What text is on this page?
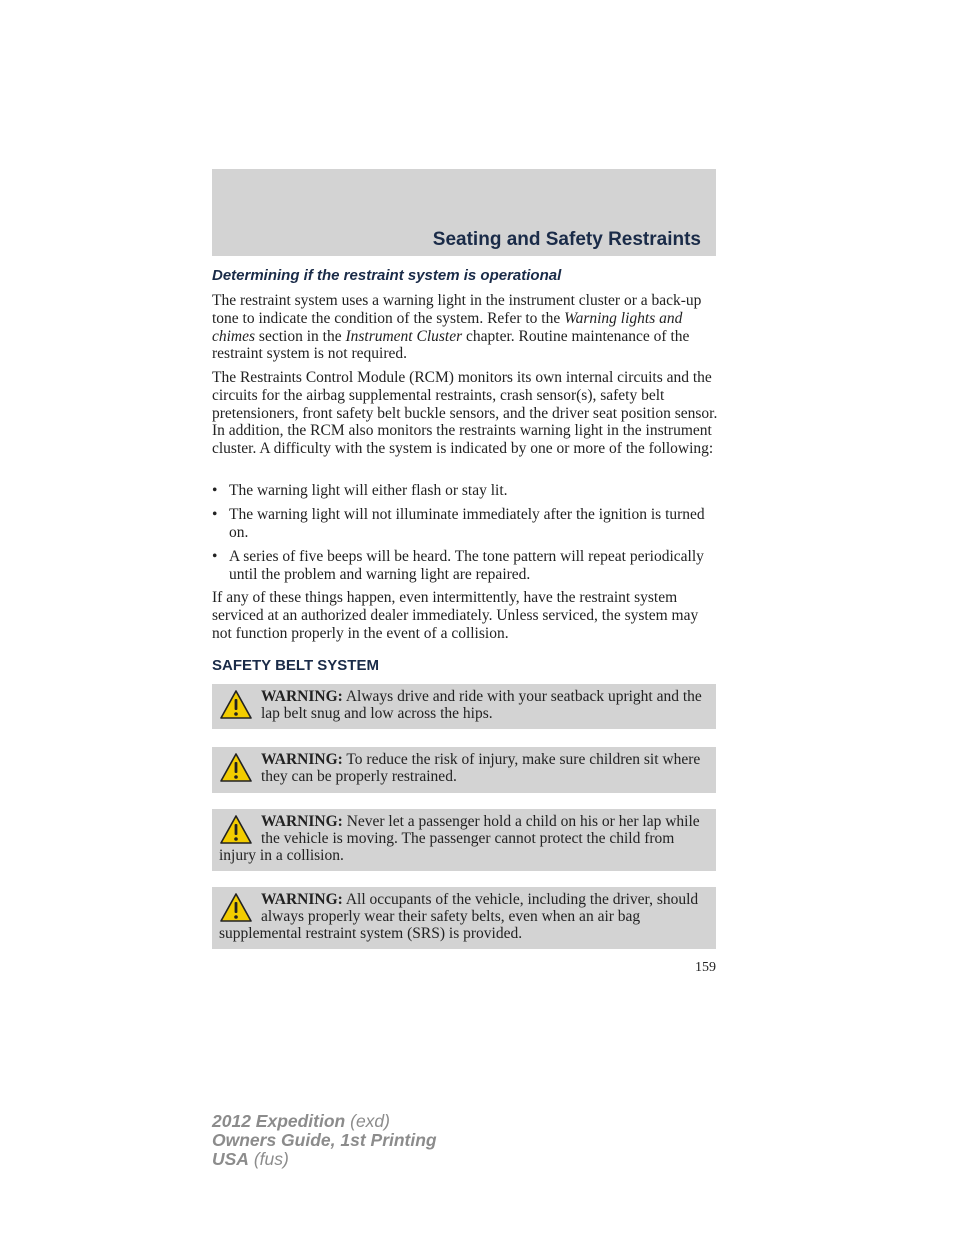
Seating and Safety Restraints
Determining if the restraint system is operational
The restraint system uses a warning light in the instrument cluster or a back-up tone to indicate the condition of the system. Refer to the Warning lights and chimes section in the Instrument Cluster chapter. Routine maintenance of the restraint system is not required.
The Restraints Control Module (RCM) monitors its own internal circuits and the circuits for the airbag supplemental restraints, crash sensor(s), safety belt pretensioners, front safety belt buckle sensors, and the driver seat position sensor. In addition, the RCM also monitors the restraints warning light in the instrument cluster. A difficulty with the system is indicated by one or more of the following:
• The warning light will either flash or stay lit.
• The warning light will not illuminate immediately after the ignition is turned on.
• A series of five beeps will be heard. The tone pattern will repeat periodically until the problem and warning light are repaired.
If any of these things happen, even intermittently, have the restraint system serviced at an authorized dealer immediately. Unless serviced, the system may not function properly in the event of a collision.
SAFETY BELT SYSTEM
WARNING: Always drive and ride with your seatback upright and the lap belt snug and low across the hips.
WARNING: To reduce the risk of injury, make sure children sit where they can be properly restrained.
WARNING: Never let a passenger hold a child on his or her lap while the vehicle is moving. The passenger cannot protect the child from injury in a collision.
WARNING: All occupants of the vehicle, including the driver, should always properly wear their safety belts, even when an air bag supplemental restraint system (SRS) is provided.
159
2012 Expedition (exd)
Owners Guide, 1st Printing
USA (fus)
